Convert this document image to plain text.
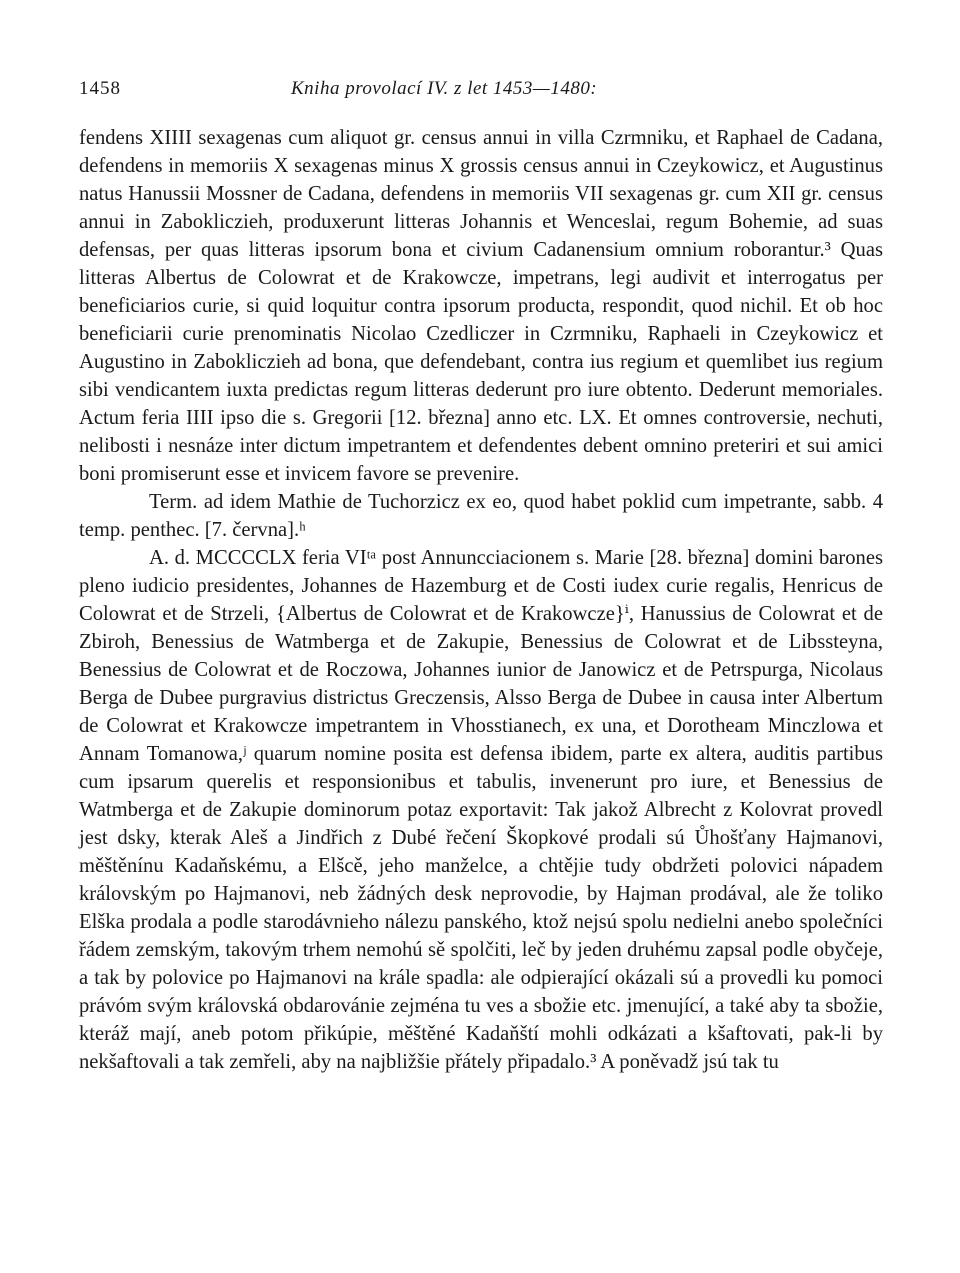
1458	Kniha provolací IV. z let 1453—1480:

fendens XIIII sexagenas cum aliquot gr. census annui in villa Czrmniku, et Raphael de Cadana, defendens in memoriis X sexagenas minus X grossis census annui in Czeykowicz, et Augustinus natus Hanussii Mossner de Cadana, defendens in memoriis VII sexagenas gr. cum XII gr. census annui in Zabokliczieh, produxerunt litteras Johannis et Wenceslai, regum Bohemie, ad suas defensas, per quas litteras ipsorum bona et civium Cadanensium omnium roborantur.³ Quas litteras Albertus de Colowrat et de Krakowcze, impetrans, legi audivit et interrogatus per beneficiarios curie, si quid loquitur contra ipsorum producta, respondit, quod nichil. Et ob hoc beneficiarii curie prenominatis Nicolao Czedliczer in Czrmniku, Raphaeli in Czeykowicz et Augustino in Zabokliczieh ad bona, que defendebant, contra ius regium et quemlibet ius regium sibi vendicantem iuxta predictas regum litteras dederunt pro iure obtento. Dederunt memoriales. Actum feria IIII ipso die s. Gregorii [12. března] anno etc. LX. Et omnes controversie, nechuti, nelibosti i nesnáze inter dictum impetrantem et defendentes debent omnino preteriri et sui amici boni promiserunt esse et invicem favore se prevenire.

Term. ad idem Mathie de Tuchorzicz ex eo, quod habet poklid cum impetrante, sabb. 4 temp. penthec. [7. června].ʰ

A. d. MCCCCLX feria VIᵗᵃ post Annuncciacionem s. Marie [28. března] domini barones pleno iudicio presidentes, Johannes de Hazemburg et de Costi iudex curie regalis, Henricus de Colowrat et de Strzeli, {Albertus de Colowrat et de Krakowcze}ⁱ, Hanussius de Colowrat et de Zbiroh, Benessius de Watmberga et de Zakupie, Benessius de Colowrat et de Libssteyna, Benessius de Colowrat et de Roczowa, Johannes iunior de Janowicz et de Petrspurga, Nicolaus Berga de Dubee purgravius districtus Greczensis, Alsso Berga de Dubee in causa inter Albertum de Colowrat et Krakowcze impetrantem in Vhosstianech, ex una, et Dorotheam Minczlowa et Annam Tomanowa,ʲ quarum nomine posita est defensa ibidem, parte ex altera, auditis partibus cum ipsarum querelis et responsionibus et tabulis, invenerunt pro iure, et Benessius de Watmberga et de Zakupie dominorum potaz exportavit: Tak jakož Albrecht z Kolovrat provedl jest dsky, kterak Aleš a Jindřich z Dubé řečení Škopkové prodali sú Ůhošťany Hajmanovi, měštěnínu Kadaňskému, a Elšcě, jeho manželce, a chtějie tudy obdržeti polovici nápadem královským po Hajmanovi, neb žádných desk neprovodie, by Hajman prodával, ale že toliko Elška prodala a podle starodávnieho nálezu panského, ktož nejsú spolu nedielni anebo společníci řádem zemským, takovým trhem nemohú sě spolčiti, leč by jeden druhému zapsal podle obyčeje, a tak by polovice po Hajmanovi na krále spadla: ale odpierající okázali sú a provedli ku pomoci právóm svým královská obdarovánie zejména tu ves a sbožie etc. jmenující, a také aby ta sbožie, kteráž mají, aneb potom přikúpie, měštěné Kadaňští mohli odkázati a kšaftovati, pak-li by nekšaftovali a tak zemřeli, aby na najbližšie přátely připadalo.³ A poněvadž jsú tak tu
